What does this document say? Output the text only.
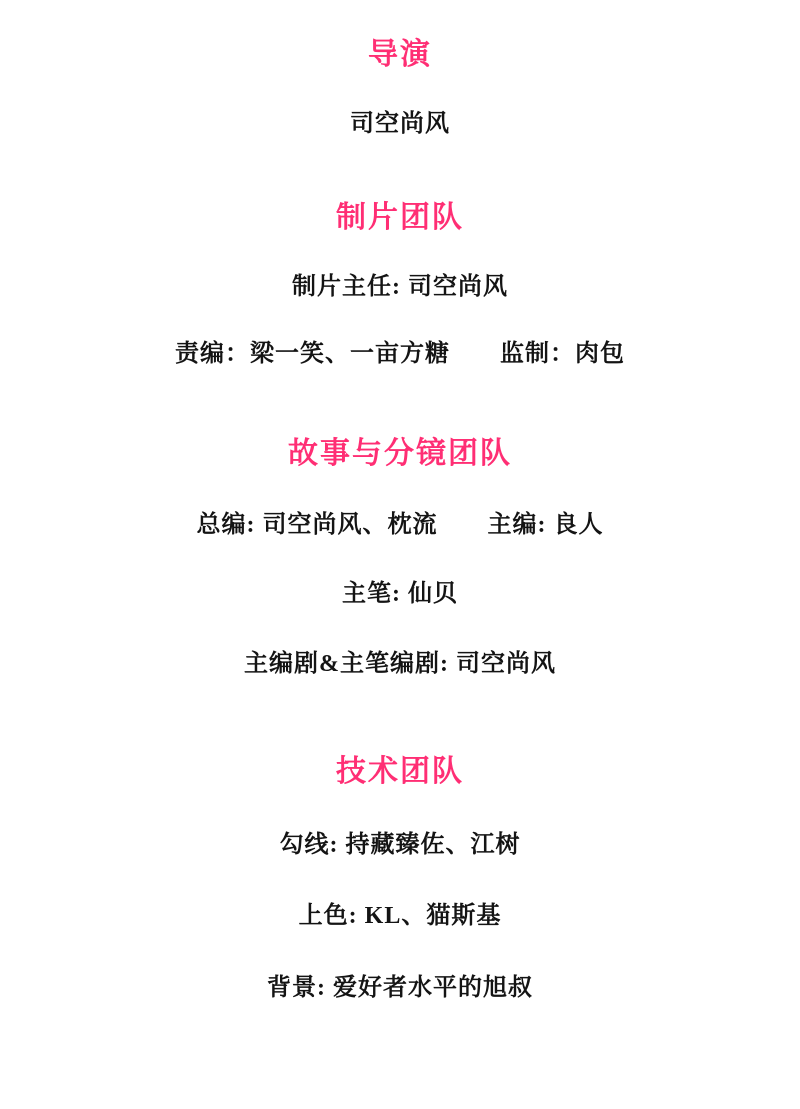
导演
司空尚风
制片团队
制片主任: 司空尚风
责编：梁一笑、一亩方糖　　监制：肉包
故事与分镜团队
总编: 司空尚风、枕流　　主编: 良人
主笔: 仙贝
主编剧&主笔编剧: 司空尚风
技术团队
勾线: 持藏臻佐、江树
上色: KL、猫斯基
背景: 爱好者水平的旭叔
